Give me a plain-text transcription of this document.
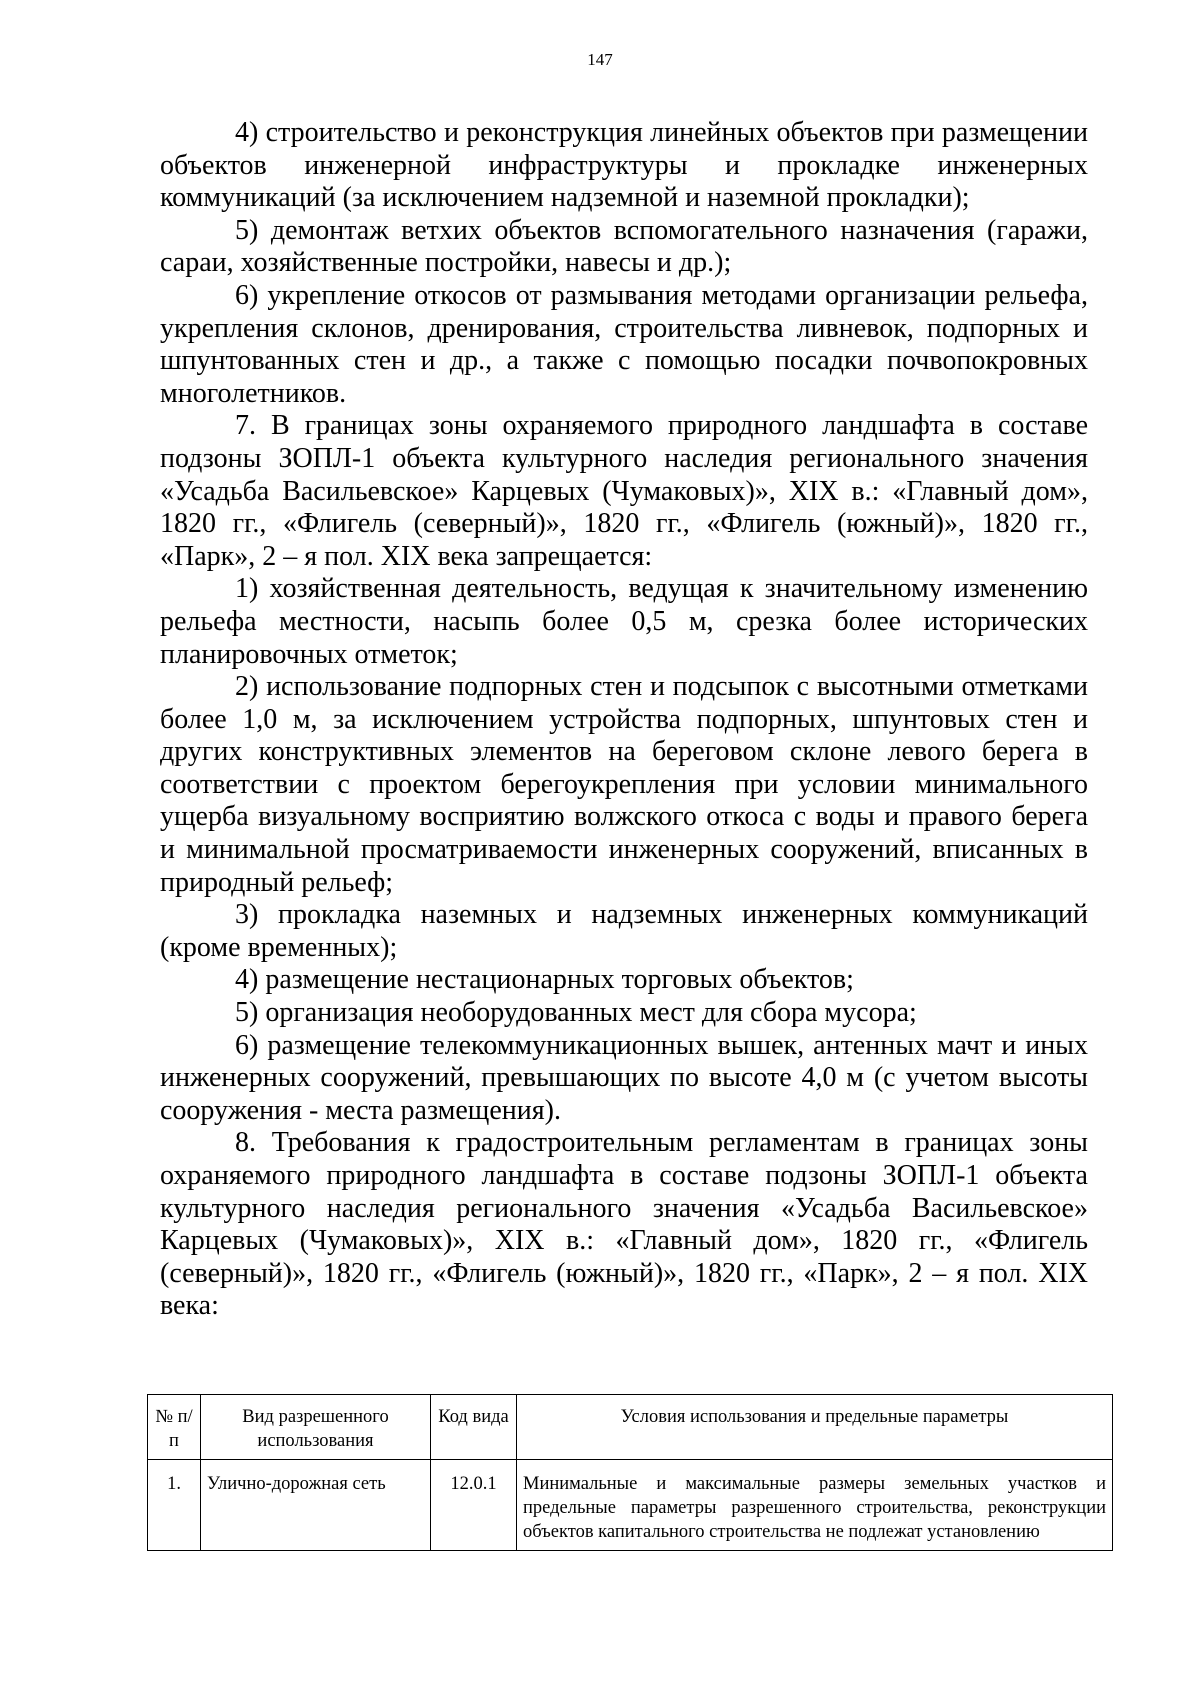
147

4) строительство и реконструкция линейных объектов при размещении объектов инженерной инфраструктуры и прокладке инженерных коммуникаций (за исключением надземной и наземной прокладки);

5) демонтаж ветхих объектов вспомогательного назначения (гаражи, сараи, хозяйственные постройки, навесы и др.);

6) укрепление откосов от размывания методами организации рельефа, укрепления склонов, дренирования, строительства ливневок, подпорных и шпунтованных стен и др., а также с помощью посадки почвопокровных многолетников.

7. В границах зоны охраняемого природного ландшафта в составе подзоны ЗОПЛ-1 объекта культурного наследия регионального значения «Усадьба Васильевское» Карцевых (Чумаковых)», XIX в.: «Главный дом», 1820 гг., «Флигель (северный)», 1820 гг., «Флигель (южный)», 1820 гг., «Парк», 2 – я пол. XIX века запрещается:

1) хозяйственная деятельность, ведущая к значительному изменению рельефа местности, насыпь более 0,5 м, срезка более исторических планировочных отметок;

2) использование подпорных стен и подсыпок с высотными отметками более 1,0 м, за исключением устройства подпорных, шпунтовых стен и других конструктивных элементов на береговом склоне левого берега в соответствии с проектом берегоукрепления при условии минимального ущерба визуальному восприятию волжского откоса с воды и правого берега и минимальной просматриваемости инженерных сооружений, вписанных в природный рельеф;

3) прокладка наземных и надземных инженерных коммуникаций (кроме временных);

4) размещение нестационарных торговых объектов;

5) организация необорудованных мест для сбора мусора;

6) размещение телекоммуникационных вышек, антенных мачт и иных инженерных сооружений, превышающих по высоте 4,0 м (с учетом высоты сооружения - места размещения).

8. Требования к градостроительным регламентам в границах зоны охраняемого природного ландшафта в составе подзоны ЗОПЛ-1 объекта культурного наследия регионального значения «Усадьба Васильевское» Карцевых (Чумаковых)», XIX в.: «Главный дом», 1820 гг., «Флигель (северный)», 1820 гг., «Флигель (южный)», 1820 гг., «Парк», 2 – я пол. XIX века:

№ п/п	Вид разрешенного использования	Код вида	Условия использования и предельные параметры
1.	Улично-дорожная сеть	12.0.1	Минимальные и максимальные размеры земельных участков и предельные параметры разрешенного строительства, реконструкции объектов капитального строительства не подлежат установлению
